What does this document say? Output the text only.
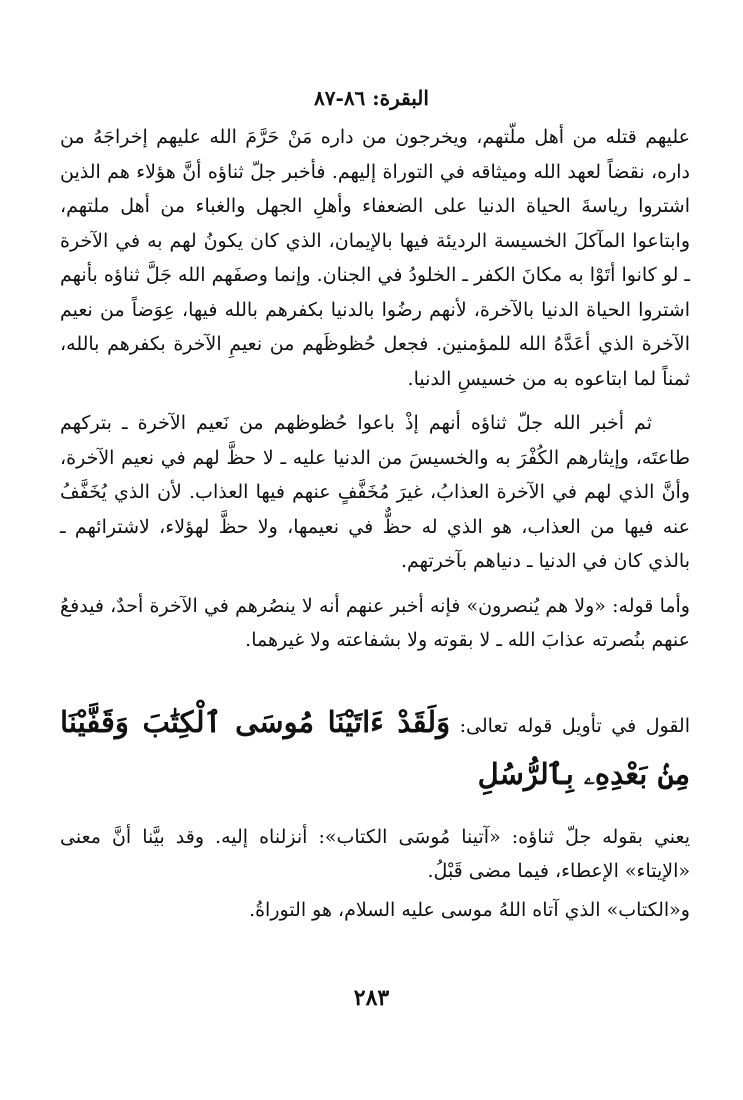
البقرة: ٨٦-٨٧

عليهم قتله من أهل ملّتهم، ويخرجون من داره مَنْ حَرَّمَ الله عليهم إخراجَهُ من داره، نقضاً لعهد الله وميثاقه في التوراة إليهم. فأخبر جلّ ثناؤه أنَّ هؤلاء هم الذين اشتروا رياسةَ الحياة الدنيا على الضعفاء وأهلِ الجهل والغباء من أهل ملتهم، وابتاعوا المآكلَ الخسيسة الرديئة فيها بالإيمان، الذي كان يكونُ لهم به في الآخرة ـ لو كانوا أتَوْا به مكانَ الكفر ـ الخلودُ في الجنان. وإنما وصفَهم الله جَلَّ ثناؤه بأنهم اشتروا الحياة الدنيا بالآخرة، لأنهم رضُوا بالدنيا بكفرهم بالله فيها، عِوَضاً من نعيم الآخرة الذي أعَدَّهُ الله للمؤمنين. فجعل حُظوظَهم من نعيمِ الآخرة بكفرهم بالله، ثمناً لما ابتاعوه به من خسيسِ الدنيا.

ثم أخبر الله جلّ ثناؤه أنهم إذْ باعوا حُظوظهم من نَعيم الآخرة ـ بتركهم طاعتَه، وإيثارهم الكُفْرَ به والخسيسَ من الدنيا عليه ـ لا حظَّ لهم في نعيم الآخرة، وأنَّ الذي لهم في الآخرة العذابُ، غيرَ مُخَفَّفٍ عنهم فيها العذاب. لأن الذي يُخَفَّفُ عنه فيها من العذاب، هو الذي له حظٌّ في نعيمها، ولا حظَّ لهؤلاء، لاشترائهم ـ بالذي كان في الدنيا ـ دنياهم بآخرتهم.

وأما قوله: «ولا هم يُنصرون» فإنه أخبر عنهم أنه لا ينصُرهم في الآخرة أحدٌ، فيدفعُ عنهم بنُصرته عذابَ الله ـ لا بقوته ولا بشفاعته ولا غيرهما.

القول في تأويل قوله تعالى: وَلَقَدْ ءَاتَيْنَا مُوسَى ٱلْكِتَٰبَ وَقَفَّيْنَا مِنۢ بَعْدِهِۦ بِٱلرُّسُلِ

يعني بقوله جلّ ثناؤه: «آتينا مُوسَى الكتاب»: أنزلناه إليه. وقد بيَّنا أنَّ معنى «الإيتاء» الإعطاء، فيما مضى قَبْلُ.

و«الكتاب» الذي آتاه اللهُ موسى عليه السلام، هو التوراةُ.

٢٨٣
